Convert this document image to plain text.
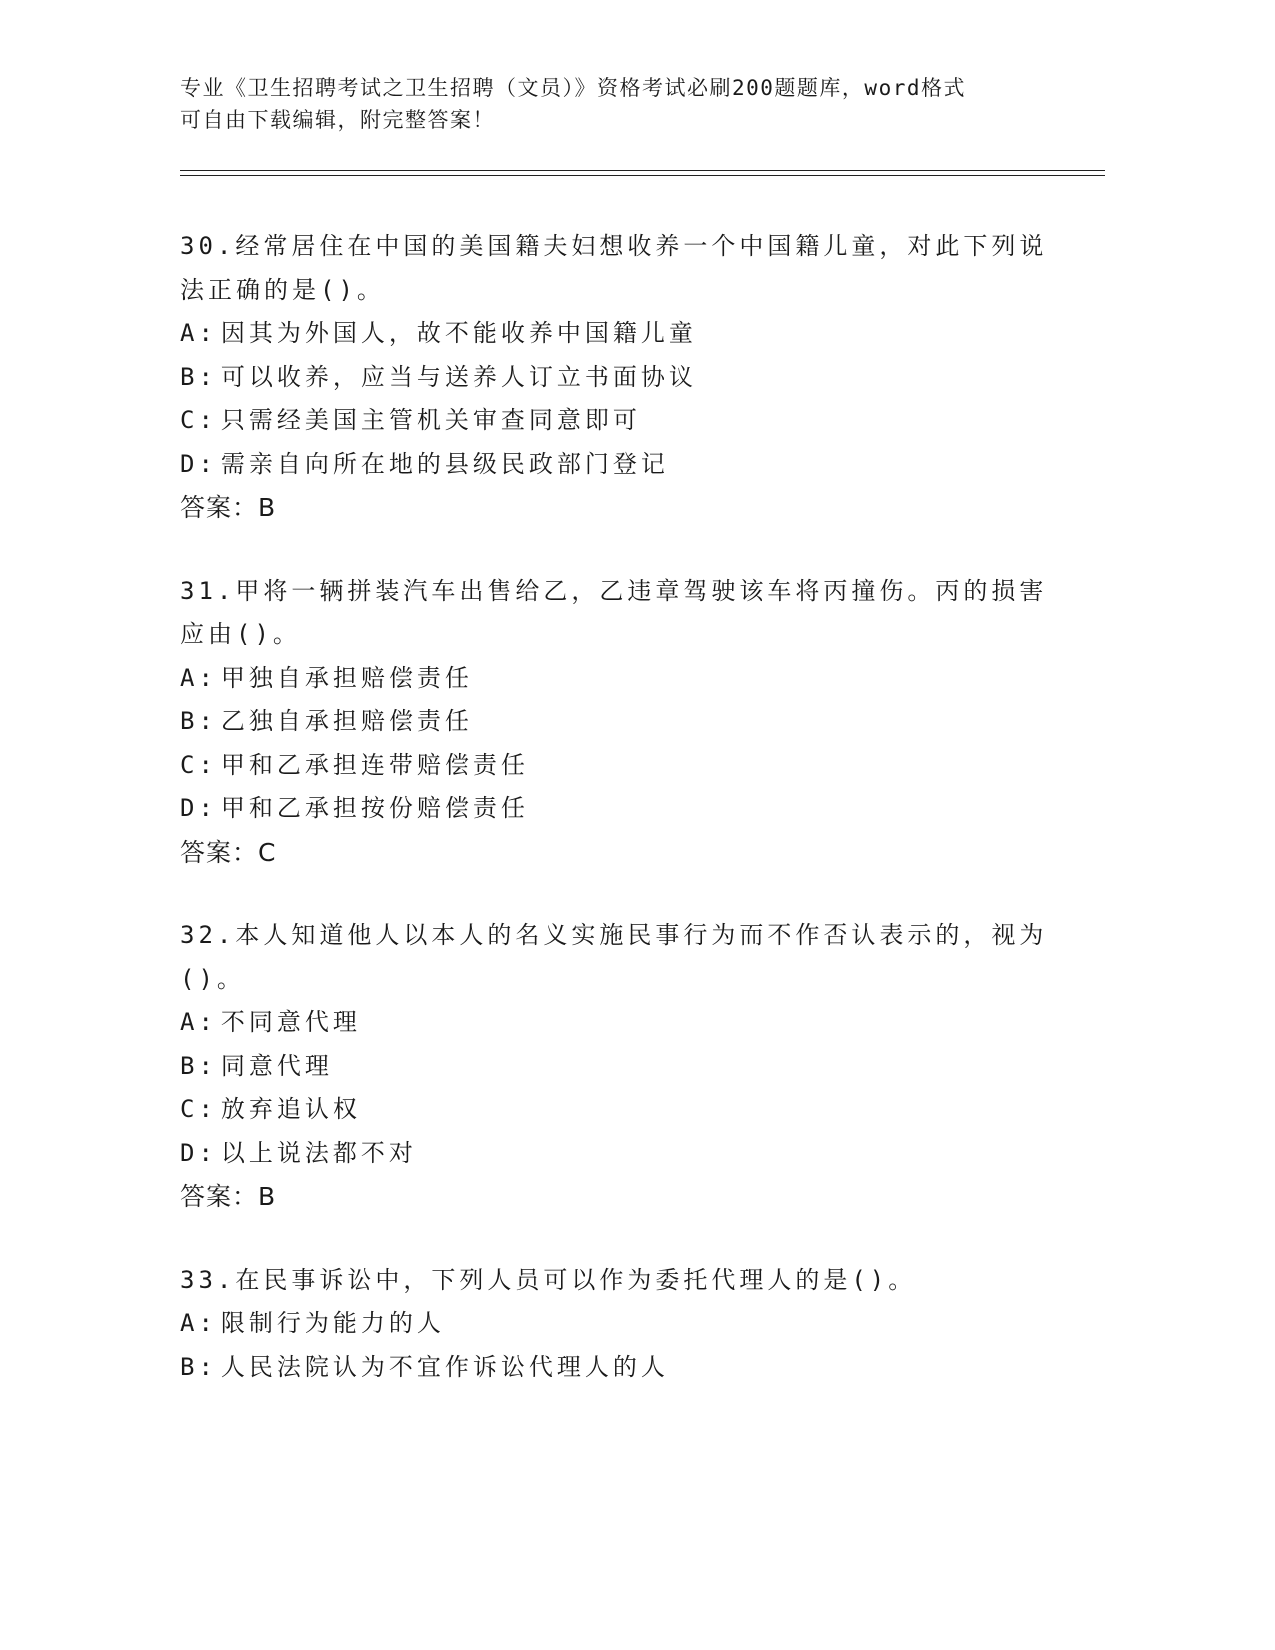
专业《卫生招聘考试之卫生招聘（文员）》资格考试必刷200题题库，word格式
可自由下载编辑，附完整答案！
30.经常居住在中国的美国籍夫妇想收养一个中国籍儿童，对此下列说
法正确的是()。
A: 因其为外国人，故不能收养中国籍儿童
B: 可以收养，应当与送养人订立书面协议
C: 只需经美国主管机关审查同意即可
D: 需亲自向所在地的县级民政部门登记
答案：B
31.甲将一辆拼装汽车出售给乙，乙违章驾驶该车将丙撞伤。丙的损害
应由()。
A: 甲独自承担赔偿责任
B: 乙独自承担赔偿责任
C: 甲和乙承担连带赔偿责任
D: 甲和乙承担按份赔偿责任
答案：C
32.本人知道他人以本人的名义实施民事行为而不作否认表示的，视为
()。
A: 不同意代理
B: 同意代理
C: 放弃追认权
D: 以上说法都不对
答案：B
33.在民事诉讼中，下列人员可以作为委托代理人的是()。
A: 限制行为能力的人
B: 人民法院认为不宜作诉讼代理人的人
